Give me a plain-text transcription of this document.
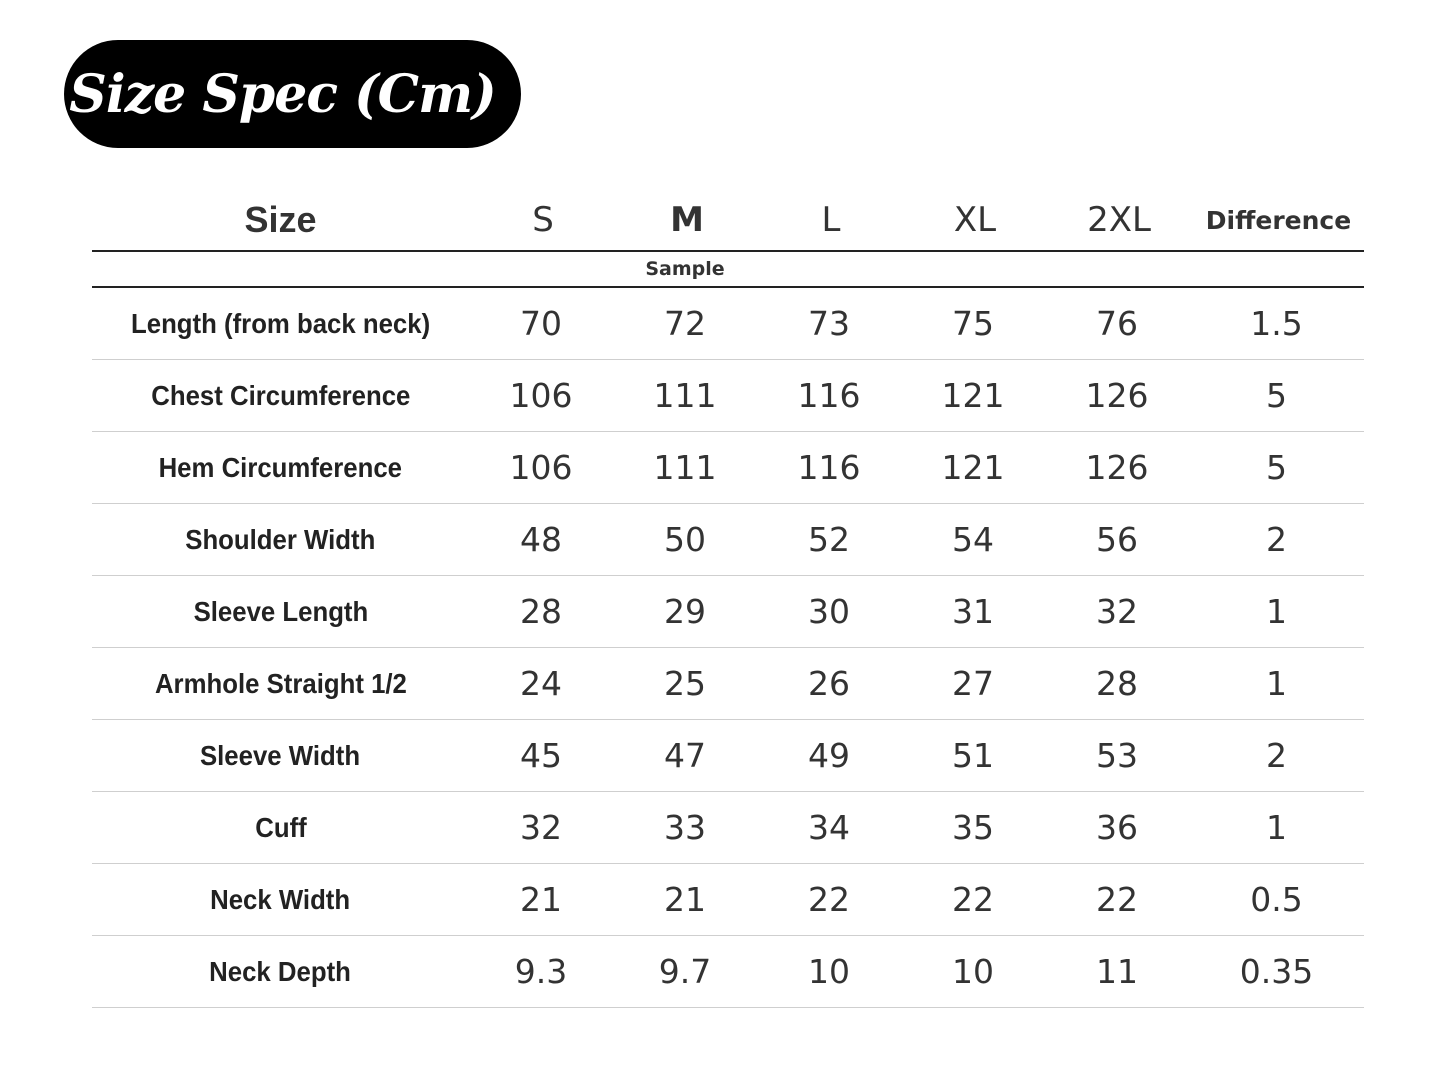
Size Spec (Cm)
Size	S	M	L	XL	2XL	Difference
Sample
Length (from back neck)	70	72	73	75	76	1.5
Chest Circumference	106	111	116	121	126	5
Hem Circumference	106	111	116	121	126	5
Shoulder Width	48	50	52	54	56	2
Sleeve Length	28	29	30	31	32	1
Armhole Straight 1/2	24	25	26	27	28	1
Sleeve Width	45	47	49	51	53	2
Cuff	32	33	34	35	36	1
Neck Width	21	21	22	22	22	0.5
Neck Depth	9.3	9.7	10	10	11	0.35
